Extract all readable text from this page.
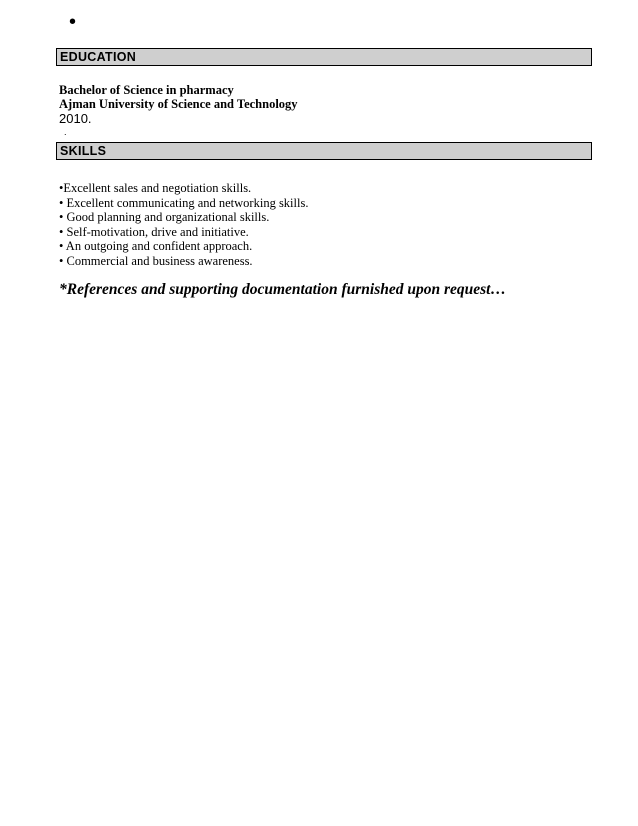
•
EDUCATION
Bachelor of Science in pharmacy
Ajman University of Science and Technology
2010.
.
SKILLS
•Excellent sales and negotiation skills.
• Excellent communicating and networking skills.
• Good planning and organizational skills.
• Self-motivation, drive and initiative.
• An outgoing and confident approach.
• Commercial and business awareness.
*References and supporting documentation furnished upon request…
